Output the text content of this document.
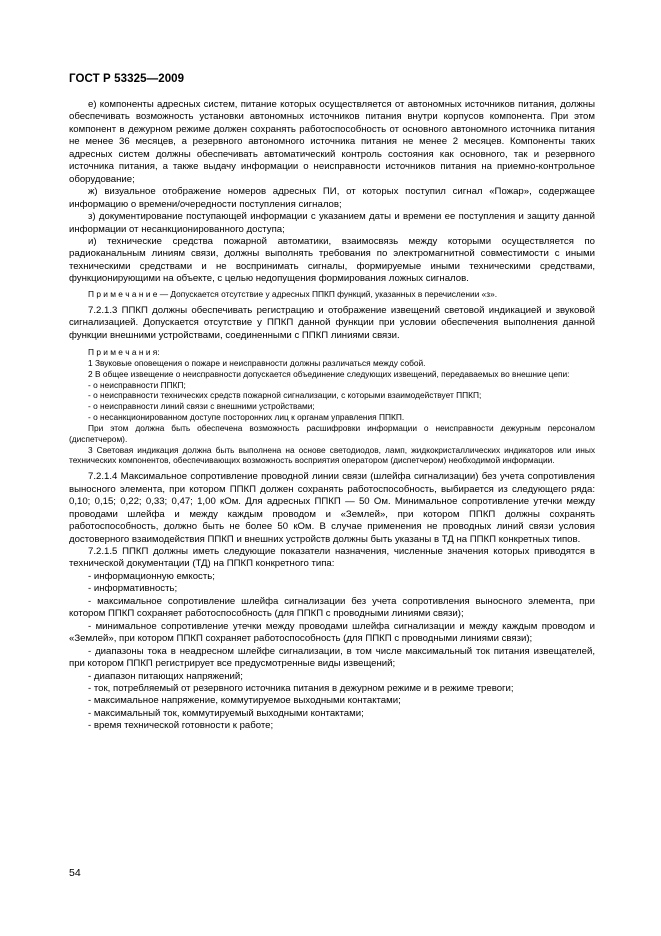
ГОСТ Р 53325—2009

е) компоненты адресных систем, питание которых осуществляется от автономных источников питания, должны обеспечивать возможность установки автономных источников питания внутри корпусов компонента. При этом компонент в дежурном режиме должен сохранять работоспособность от основного автономного источника питания не менее 36 месяцев, а резервного автономного источника питания не менее 2 месяцев. Компоненты таких адресных систем должны обеспечивать автоматический контроль состояния как основного, так и резервного источника питания, а также выдачу информации о неисправности источников питания на приемно-контрольное оборудование;

ж) визуальное отображение номеров адресных ПИ, от которых поступил сигнал «Пожар», содержащее информацию о времени/очередности поступления сигналов;

з) документирование поступающей информации с указанием даты и времени ее поступления и защиту данной информации от несанкционированного доступа;

и) технические средства пожарной автоматики, взаимосвязь между которыми осуществляется по радиоканальным линиям связи, должны выполнять требования по электромагнитной совместимости с иными техническими средствами и не воспринимать сигналы, формируемые иными техническими средствами, функционирующими на объекте, с целью недопущения формирования ложных сигналов.

П р и м е ч а н и е — Допускается отсутствие у адресных ППКП функций, указанных в перечислении «з».

7.2.1.3 ППКП должны обеспечивать регистрацию и отображение извещений световой индикацией и звуковой сигнализацией. Допускается отсутствие у ППКП данной функции при условии обеспечения выполнения данной функции внешними устройствами, соединенными с ППКП линиями связи.

П р и м е ч а н и я:

1 Звуковые оповещения о пожаре и неисправности должны различаться между собой.

2 В общее извещение о неисправности допускается объединение следующих извещений, передаваемых во внешние цепи:

- о неисправности ППКП;

- о неисправности технических средств пожарной сигнализации, с которыми взаимодействует ППКП;

- о неисправности линий связи с внешними устройствами;

- о несанкционированном доступе посторонних лиц к органам управления ППКП.

При этом должна быть обеспечена возможность расшифровки информации о неисправности дежурным персоналом (диспетчером).

3 Световая индикация должна быть выполнена на основе светодиодов, ламп, жидкокристаллических индикаторов или иных технических компонентов, обеспечивающих возможность восприятия оператором (диспетчером) необходимой информации.

7.2.1.4 Максимальное сопротивление проводной линии связи (шлейфа сигнализации) без учета сопротивления выносного элемента, при котором ППКП должен сохранять работоспособность, выбирается из следующего ряда: 0,10; 0,15; 0,22; 0,33; 0,47; 1,00 кОм. Для адресных ППКП — 50 Ом. Минимальное сопротивление утечки между проводами шлейфа и между каждым проводом и «Землей», при котором ППКП должны сохранять работоспособность, должно быть не более 50 кОм. В случае применения не проводных линий связи условия достоверного взаимодействия ППКП и внешних устройств должны быть указаны в ТД на ППКП конкретных типов.

7.2.1.5 ППКП должны иметь следующие показатели назначения, численные значения которых приводятся в технической документации (ТД) на ППКП конкретного типа:

- информационную емкость;

- информативность;

- максимальное сопротивление шлейфа сигнализации без учета сопротивления выносного элемента, при котором ППКП сохраняет работоспособность (для ППКП с проводными линиями связи);

- минимальное сопротивление утечки между проводами шлейфа сигнализации и между каждым проводом и «Землей», при котором ППКП сохраняет работоспособность (для ППКП с проводными линиями связи);

- диапазоны тока в неадресном шлейфе сигнализации, в том числе максимальный ток питания извещателей, при котором ППКП регистрирует все предусмотренные виды извещений;

- диапазон питающих напряжений;

- ток, потребляемый от резервного источника питания в дежурном режиме и в режиме тревоги;

- максимальное напряжение, коммутируемое выходными контактами;

- максимальный ток, коммутируемый выходными контактами;

- время технической готовности к работе;

54
